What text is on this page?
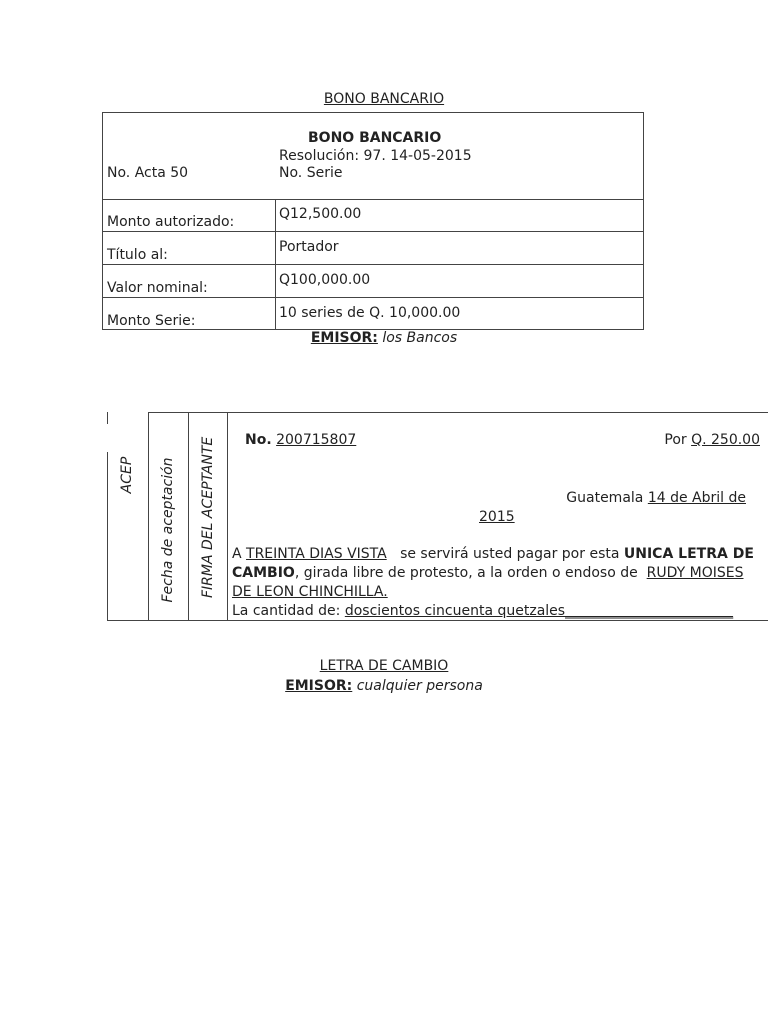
BONO BANCARIO
No. Acta 50
BONO BANCARIO
Resolución: 97. 14-05-2015
No. Serie
Monto autorizado:	Q12,500.00
Título al:	Portador
Valor nominal:	Q100,000.00
Monto Serie:	10 series de Q. 10,000.00
EMISOR: los Bancos
ACEP Fecha de aceptación FIRMA DEL ACEPTANTE No. 200715807	Por Q. 250.00
Guatemala 14 de Abril de
2015
A TREINTA DIAS VISTA   se servirá usted pagar por esta UNICA LETRA DE
CAMBIO, girada libre de protesto, a la orden o endoso de  RUDY MOISES
DE LEON CHINCHILLA.
La cantidad de: doscientos cincuenta quetzales________________________
LETRA DE CAMBIO
EMISOR: cualquier persona
